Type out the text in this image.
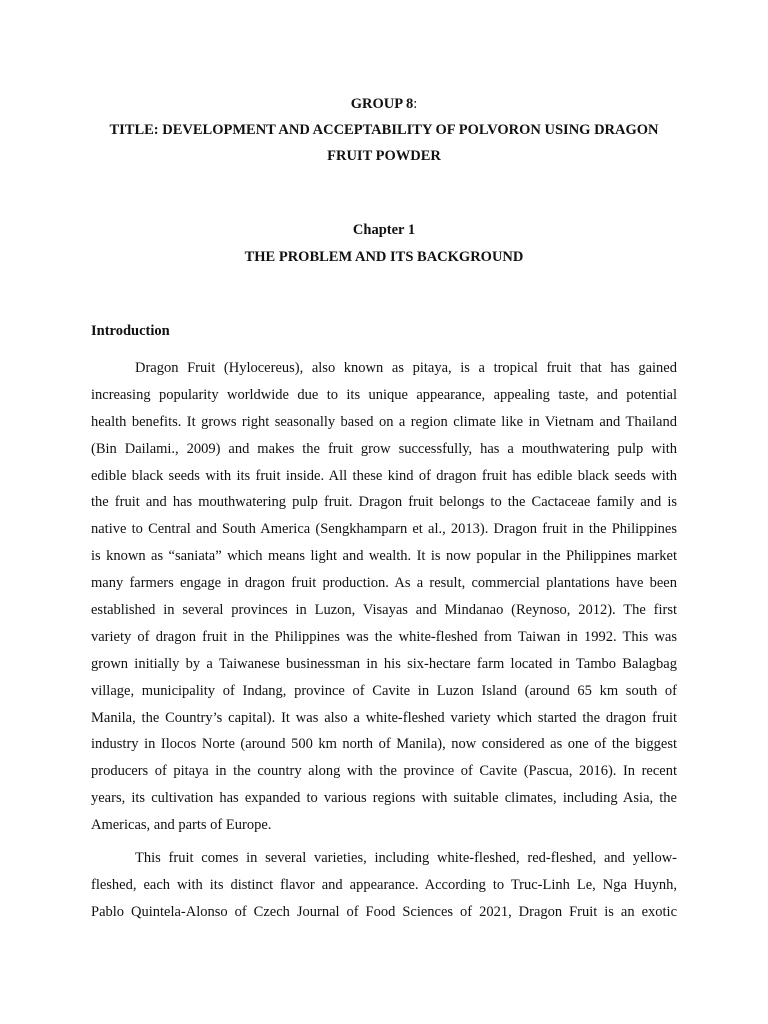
GROUP 8:
TITLE: DEVELOPMENT AND ACCEPTABILITY OF POLVORON USING DRAGON
FRUIT POWDER
Chapter 1
THE PROBLEM AND ITS BACKGROUND
Introduction
Dragon Fruit (Hylocereus), also known as pitaya, is a tropical fruit that has gained
increasing popularity worldwide due to its unique appearance, appealing taste, and potential
health benefits. It grows right seasonally based on a region climate like in Vietnam and Thailand
(Bin Dailami., 2009) and makes the fruit grow successfully, has a mouthwatering pulp with
edible black seeds with its fruit inside. All these kind of dragon fruit has edible black seeds with
the fruit and has mouthwatering pulp fruit. Dragon fruit belongs to the Cactaceae family and is
native to Central and South America (Sengkhamparn et al., 2013). Dragon fruit in the Philippines
is known as “saniata” which means light and wealth. It is now popular in the Philippines market
many farmers engage in dragon fruit production. As a result, commercial plantations have been
established in several provinces in Luzon, Visayas and Mindanao (Reynoso, 2012). The first
variety of dragon fruit in the Philippines was the white-fleshed from Taiwan in 1992. This was
grown initially by a Taiwanese businessman in his six-hectare farm located in Tambo Balagbag
village, municipality of Indang, province of Cavite in Luzon Island (around 65 km south of
Manila, the Country’s capital). It was also a white-fleshed variety which started the dragon fruit
industry in Ilocos Norte (around 500 km north of Manila), now considered as one of the biggest
producers of pitaya in the country along with the province of Cavite (Pascua, 2016). In recent
years, its cultivation has expanded to various regions with suitable climates, including Asia, the
Americas, and parts of Europe.
This fruit comes in several varieties, including white-fleshed, red-fleshed, and yellow-
fleshed, each with its distinct flavor and appearance. According to Truc-Linh Le, Nga Huynh,
Pablo Quintela-Alonso of Czech Journal of Food Sciences of 2021, Dragon Fruit is an exotic
